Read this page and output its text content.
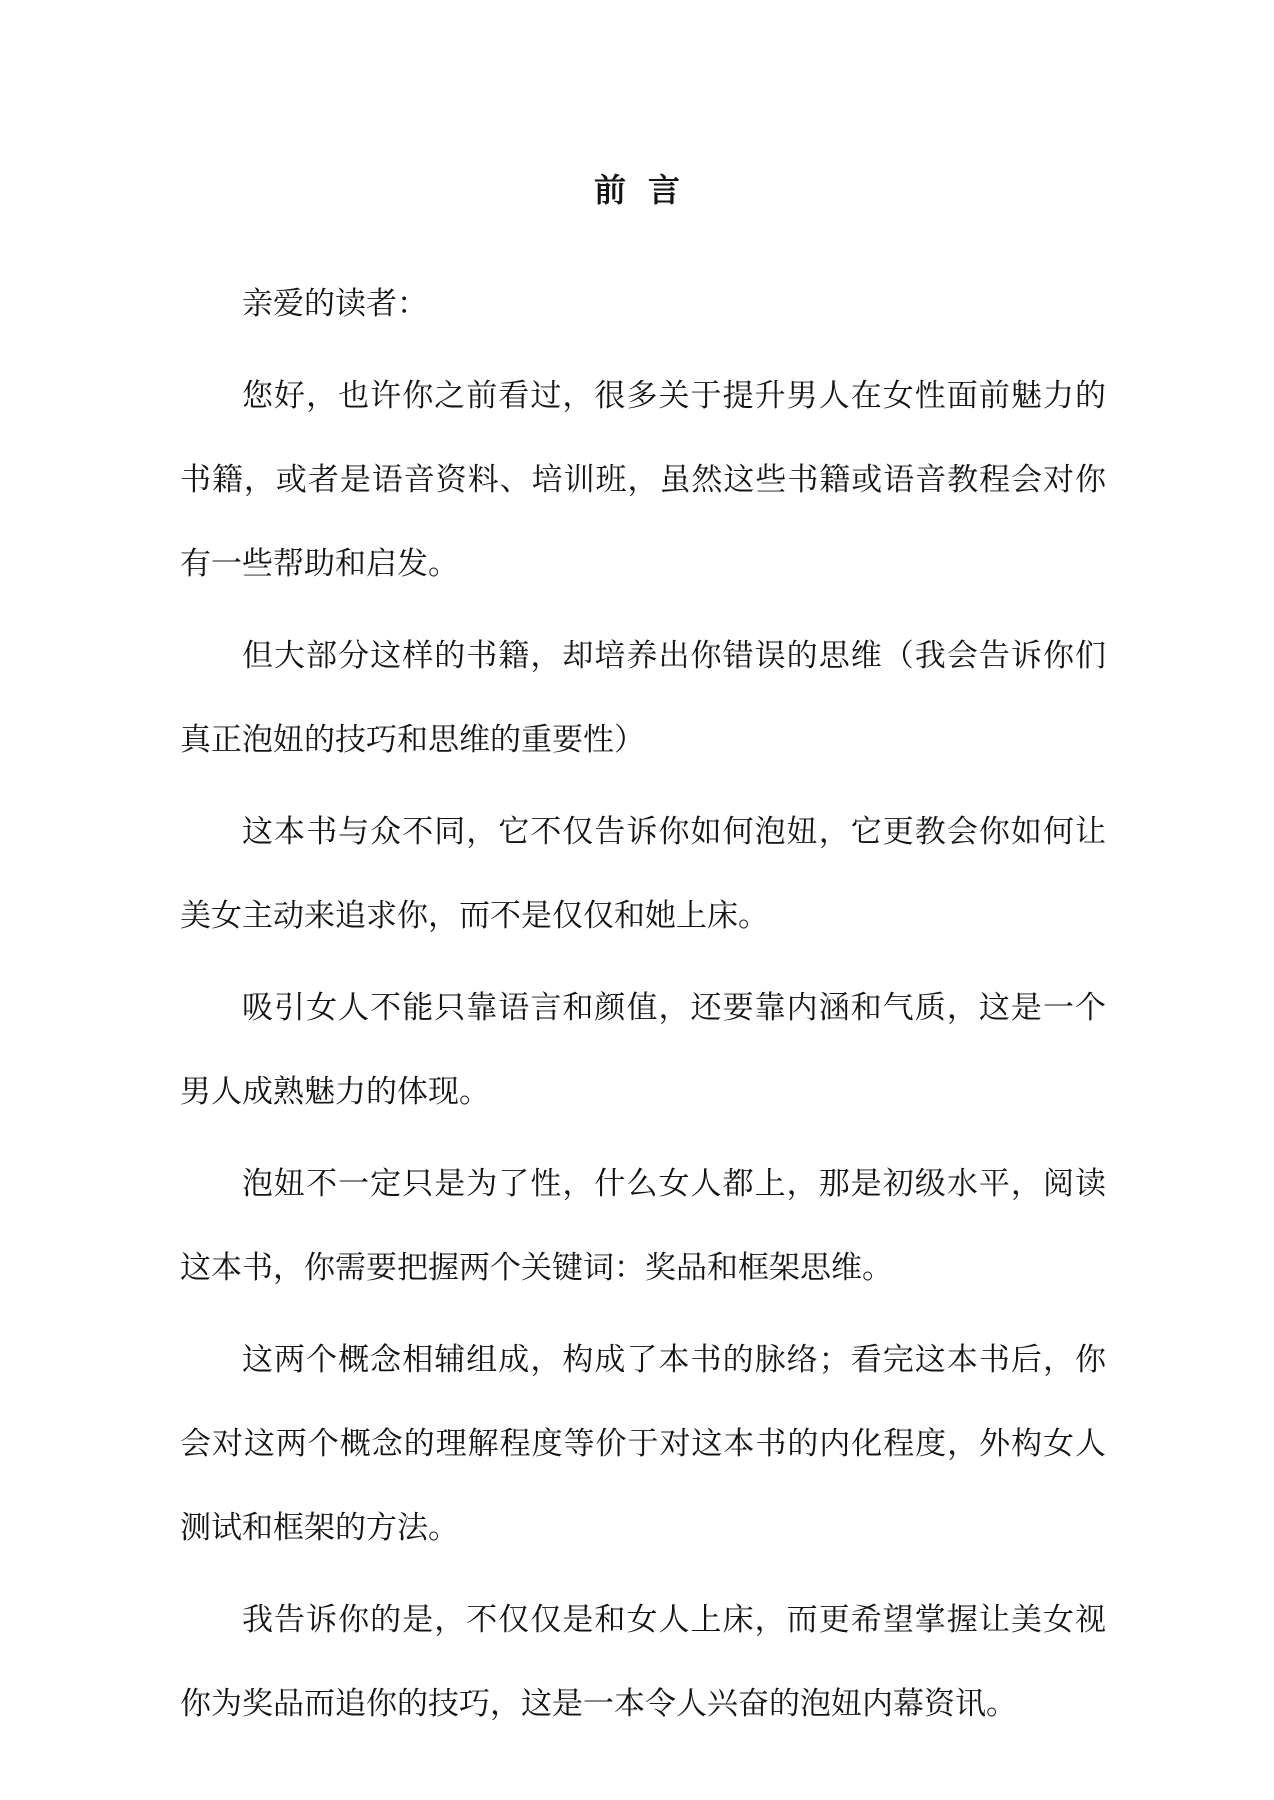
前言

亲爱的读者：

您好，也许你之前看过，很多关于提升男人在女性面前魅力的书籍，或者是语音资料、培训班，虽然这些书籍或语音教程会对你有一些帮助和启发。

但大部分这样的书籍，却培养出你错误的思维（我会告诉你们真正泡妞的技巧和思维的重要性）

这本书与众不同，它不仅告诉你如何泡妞，它更教会你如何让美女主动来追求你，而不是仅仅和她上床。

吸引女人不能只靠语言和颜值，还要靠内涵和气质，这是一个男人成熟魅力的体现。

泡妞不一定只是为了性，什么女人都上，那是初级水平，阅读这本书，你需要把握两个关键词：奖品和框架思维。

这两个概念相辅组成，构成了本书的脉络；看完这本书后，你会对这两个概念的理解程度等价于对这本书的内化程度，外构女人测试和框架的方法。

我告诉你的是，不仅仅是和女人上床，而更希望掌握让美女视你为奖品而追你的技巧，这是一本令人兴奋的泡妞内幕资讯。
